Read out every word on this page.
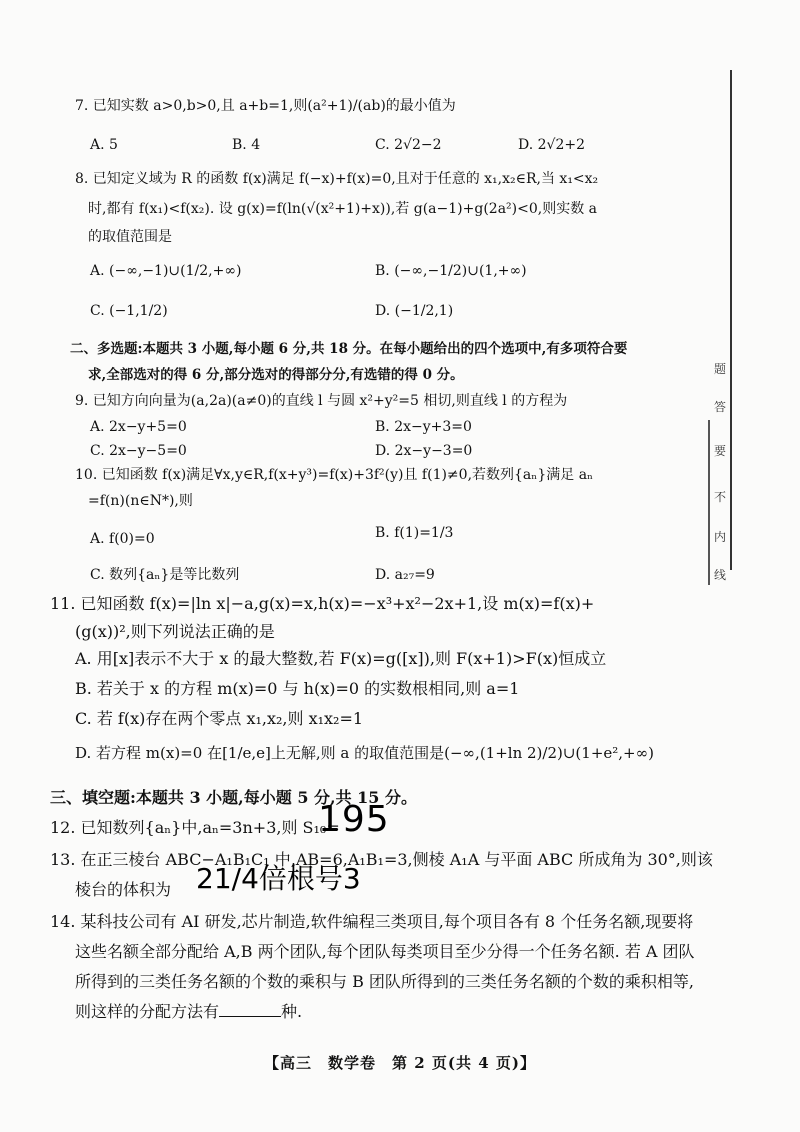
7. 已知实数 a>0,b>0,且 a+b=1,则(a²+1)/(ab)的最小值为
A. 5	B. 4	C. 2√2−2	D. 2√2+2
8. 已知定义域为 R 的函数 f(x)满足 f(−x)+f(x)=0,且对于任意的 x₁,x₂∈R,当 x₁<x₂
时,都有 f(x₁)<f(x₂). 设 g(x)=f(ln(√(x²+1)+x)),若 g(a−1)+g(2a²)<0,则实数 a
的取值范围是
A. (−∞,−1)∪(1/2,+∞)	B. (−∞,−1/2)∪(1,+∞)
C. (−1,1/2)	D. (−1/2,1)
二、多选题:本题共 3 小题,每小题 6 分,共 18 分。在每小题给出的四个选项中,有多项符合要
求,全部选对的得 6 分,部分选对的得部分分,有选错的得 0 分。
9. 已知方向向量为(a,2a)(a≠0)的直线 l 与圆 x²+y²=5 相切,则直线 l 的方程为
A. 2x−y+5=0	B. 2x−y+3=0
C. 2x−y−5=0	D. 2x−y−3=0
10. 已知函数 f(x)满足∀x,y∈R,f(x+y³)=f(x)+3f²(y)且 f(1)≠0,若数列{aₙ}满足 aₙ
=f(n)(n∈N*),则
A. f(0)=0	B. f(1)=1/3
C. 数列{aₙ}是等比数列	D. a₂₇=9
11. 已知函数 f(x)=|ln x|−a,g(x)=x,h(x)=−x³+x²−2x+1,设 m(x)=f(x)+
(g(x))²,则下列说法正确的是
A. 用[x]表示不大于 x 的最大整数,若 F(x)=g([x]),则 F(x+1)>F(x)恒成立
B. 若关于 x 的方程 m(x)=0 与 h(x)=0 的实数根相同,则 a=1
C. 若 f(x)存在两个零点 x₁,x₂,则 x₁x₂=1
D. 若方程 m(x)=0 在[1/e,e]上无解,则 a 的取值范围是(−∞,(1+ln 2)/2)∪(1+e²,+∞)
三、填空题:本题共 3 小题,每小题 5 分,共 15 分。
12. 已知数列{aₙ}中,aₙ=3n+3,则 S₁₀=
195
13. 在正三棱台 ABC−A₁B₁C₁ 中,AB=6,A₁B₁=3,侧棱 A₁A 与平面 ABC 所成角为 30°,则该
棱台的体积为 21/4倍根号3
14. 某科技公司有 AI 研发,芯片制造,软件编程三类项目,每个项目各有 8 个任务名额,现要将
这些名额全部分配给 A,B 两个团队,每个团队每类项目至少分得一个任务名额. 若 A 团队
所得到的三类任务名额的个数的乘积与 B 团队所得到的三类任务名额的个数的乘积相等,
则这样的分配方法有	种.
题
答
要
不
内
线
【高三　数学卷　第 2 页(共 4 页)】
